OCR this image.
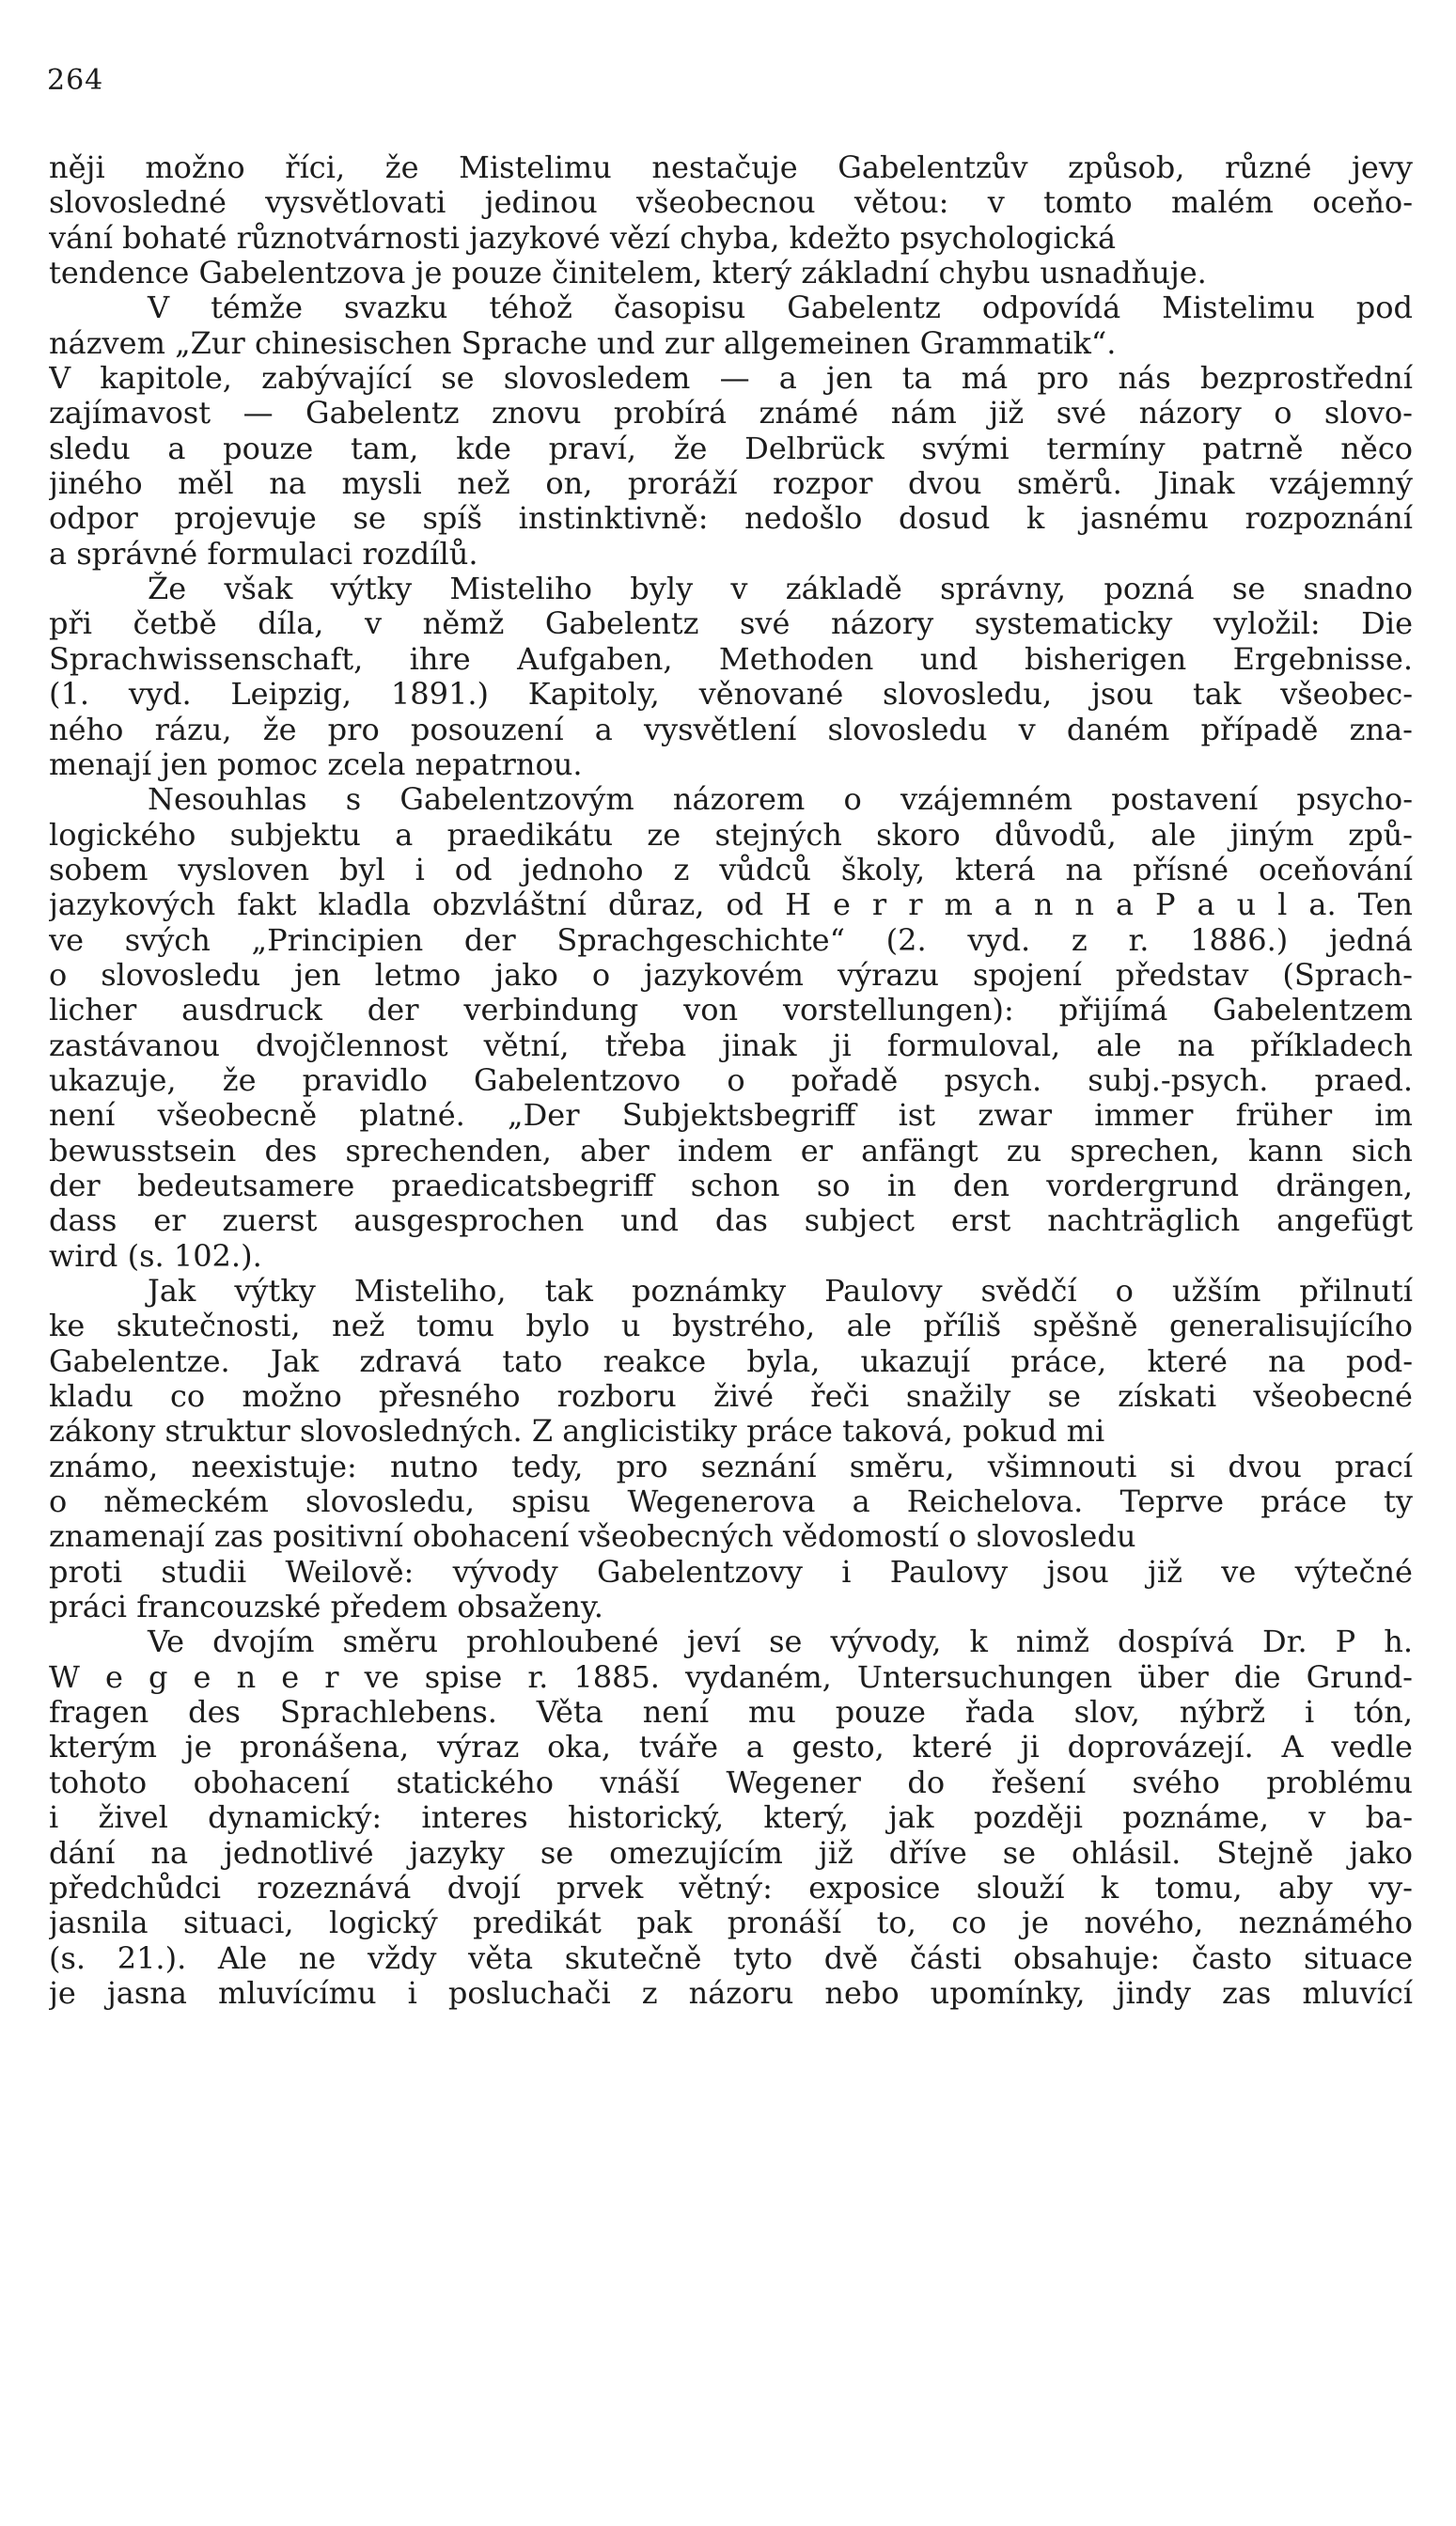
264
něji možno říci, že Mistelimu nestačuje Gabelentzův způsob, různé jevy
slovosledné vysvětlovati jedinou všeobecnou větou: v tomto malém oceňo-
vání bohaté různotvárnosti jazykové vězí chyba, kdežto psychologická
tendence Gabelentzova je pouze činitelem, který základní chybu usnadňuje.
V témže svazku téhož časopisu Gabelentz odpovídá Mistelimu pod
názvem „Zur chinesischen Sprache und zur allgemeinen Grammatik“.
V kapitole, zabývající se slovosledem — a jen ta má pro nás bezprostřední
zajímavost — Gabelentz znovu probírá známé nám již své názory o slovo-
sledu a pouze tam, kde praví, že Delbrück svými termíny patrně něco
jiného měl na mysli než on, proráží rozpor dvou směrů. Jinak vzájemný
odpor projevuje se spíš instinktivně: nedošlo dosud k jasnému rozpoznání
a správné formulaci rozdílů.
Že však výtky Misteliho byly v základě správny, pozná se snadno
při četbě díla, v němž Gabelentz své názory systematicky vyložil: Die
Sprachwissenschaft, ihre Aufgaben, Methoden und bisherigen Ergebnisse.
(1. vyd. Leipzig, 1891.) Kapitoly, věnované slovosledu, jsou tak všeobec-
ného rázu, že pro posouzení a vysvětlení slovosledu v daném případě zna-
menají jen pomoc zcela nepatrnou.
Nesouhlas s Gabelentzovým názorem o vzájemném postavení psycho-
logického subjektu a praedikátu ze stejných skoro důvodů, ale jiným způ-
sobem vysloven byl i od jednoho z vůdců školy, která na přísné oceňování
jazykových fakt kladla obzvláštní důraz, od H e r r m a n n a P a u l a. Ten
ve svých „Principien der Sprachgeschichte“ (2. vyd. z r. 1886.) jedná
o slovosledu jen letmo jako o jazykovém výrazu spojení představ (Sprach-
licher ausdruck der verbindung von vorstellungen): přijímá Gabelentzem
zastávanou dvojčlennost větní, třeba jinak ji formuloval, ale na příkladech
ukazuje, že pravidlo Gabelentzovo o pořadě psych. subj.-psych. praed.
není všeobecně platné. „Der Subjektsbegriff ist zwar immer früher im
bewusstsein des sprechenden, aber indem er anfängt zu sprechen, kann sich
der bedeutsamere praedicatsbegriff schon so in den vordergrund drängen,
dass er zuerst ausgesprochen und das subject erst nachträglich angefügt
wird (s. 102.).
Jak výtky Misteliho, tak poznámky Paulovy svědčí o užším přilnutí
ke skutečnosti, než tomu bylo u bystrého, ale příliš spěšně generalisujícího
Gabelentze. Jak zdravá tato reakce byla, ukazují práce, které na pod-
kladu co možno přesného rozboru živé řeči snažily se získati všeobecné
zákony struktur slovosledných. Z anglicistiky práce taková, pokud mi
známo, neexistuje: nutno tedy, pro seznání směru, všimnouti si dvou prací
o německém slovosledu, spisu Wegenerova a Reichelova. Teprve práce ty
znamenají zas positivní obohacení všeobecných vědomostí o slovosledu
proti studii Weilově: vývody Gabelentzovy i Paulovy jsou již ve výtečné
práci francouzské předem obsaženy.
Ve dvojím směru prohloubené jeví se vývody, k nimž dospívá Dr. P h.
W e g e n e r ve spise r. 1885. vydaném, Untersuchungen über die Grund-
fragen des Sprachlebens. Věta není mu pouze řada slov, nýbrž i tón,
kterým je pronášena, výraz oka, tváře a gesto, které ji doprovázejí. A vedle
tohoto obohacení statického vnáší Wegener do řešení svého problému
i živel dynamický: interes historický, který, jak později poznáme, v ba-
dání na jednotlivé jazyky se omezujícím již dříve se ohlásil. Stejně jako
předchůdci rozeznává dvojí prvek větný: exposice slouží k tomu, aby vy-
jasnila situaci, logický predikát pak pronáší to, co je nového, neznámého
(s. 21.). Ale ne vždy věta skutečně tyto dvě části obsahuje: často situace
je jasna mluvícímu i posluchači z názoru nebo upomínky, jindy zas mluvící
